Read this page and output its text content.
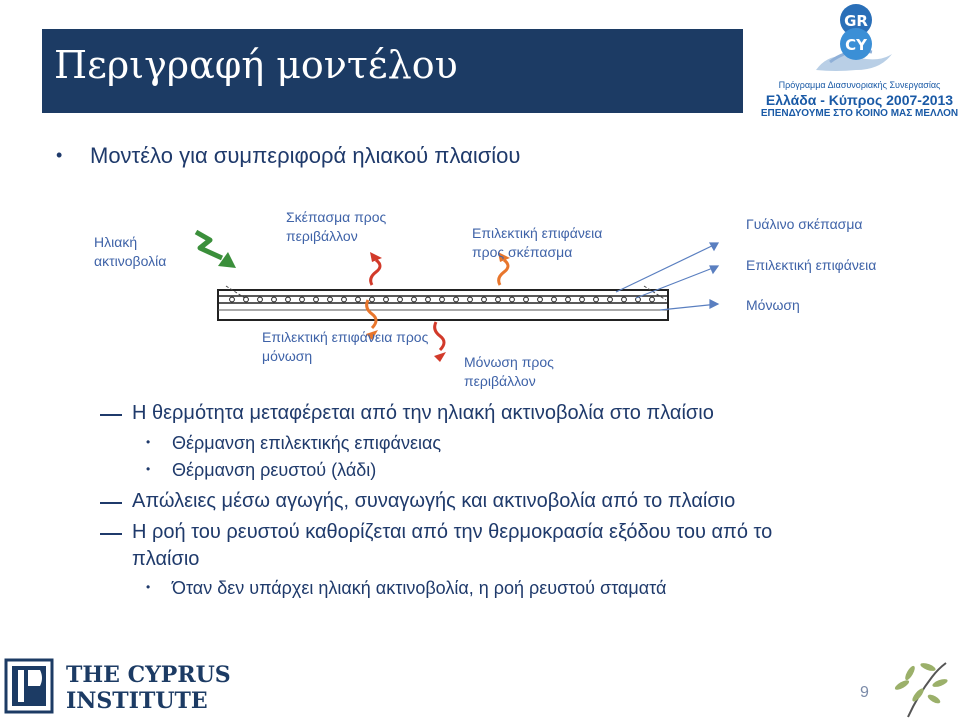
Περιγραφή μοντέλου
GR
CY
Πρόγραμμα Διασυνοριακής Συνεργασίας
Ελλάδα - Κύπρος 2007-2013
ΕΠΕΝΔΥΟΥΜΕ ΣΤΟ ΚΟΙΝΟ ΜΑΣ ΜΕΛΛΟΝ
• Μοντέλο για συμπεριφορά ηλιακού πλαισίου
Ηλιακή ακτινοβολία
Σκέπασμα προς περιβάλλον	Επιλεκτική επιφάνεια προς σκέπασμα
Γυάλινο σκέπασμα
Επιλεκτική επιφάνεια
Μόνωση
Επιλεκτική επιφάνεια προς μόνωση	Μόνωση προς περιβάλλον
Η θερμότητα μεταφέρεται από την ηλιακή ακτινοβολία στο πλαίσιο
• Θέρμανση επιλεκτικής επιφάνειας
• Θέρμανση ρευστού (λάδι)
Απώλειες μέσω αγωγής, συναγωγής και ακτινοβολία από το πλαίσιο
Η ροή του ρευστού καθορίζεται από την θερμοκρασία εξόδου του από το
πλαίσιο
• Όταν δεν υπάρχει ηλιακή ακτινοβολία, η ροή ρευστού σταματά
THE CYPRUS
INSTITUTE	9
